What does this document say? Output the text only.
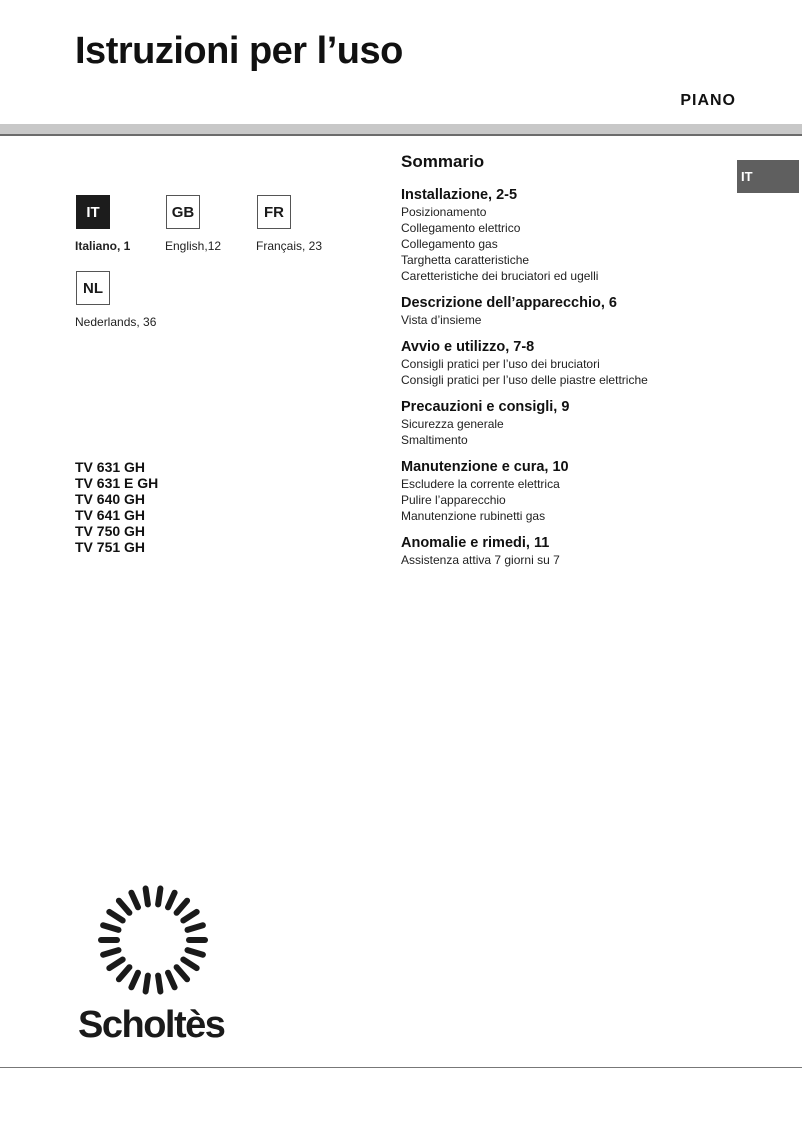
Istruzioni per l’uso
PIANO
IT
Italiano, 1
GB
English,12
FR
Français, 23
NL
Nederlands, 36
TV 631 GH
TV 631 E GH
TV 640 GH
TV 641 GH
TV 750 GH
TV 751 GH
Sommario
Installazione, 2-5
Posizionamento
Collegamento elettrico
Collegamento gas
Targhetta caratteristiche
Caretteristiche dei bruciatori ed ugelli
Descrizione dell’apparecchio, 6
Vista d’insieme
Avvio e utilizzo, 7-8
Consigli pratici per l’uso dei bruciatori
Consigli pratici per l’uso delle piastre elettriche
Precauzioni e consigli, 9
Sicurezza generale
Smaltimento
Manutenzione e cura, 10
Escludere la corrente elettrica
Pulire l’apparecchio
Manutenzione rubinetti gas
Anomalie e rimedi, 11
Assistenza attiva 7 giorni su 7
IT
Scholtès
